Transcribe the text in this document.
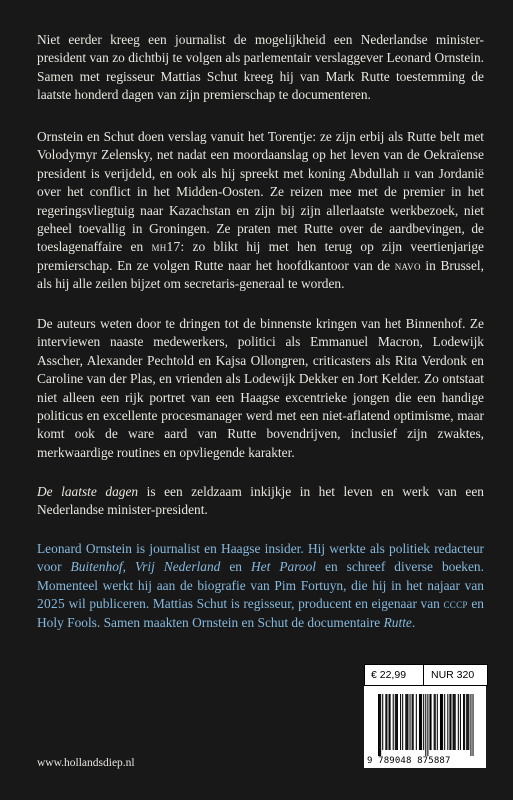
Niet eerder kreeg een journalist de mogelijkheid een Nederlandse minister-president van zo dichtbij te volgen als parlementair verslaggever Leonard Ornstein. Samen met regisseur Mattias Schut kreeg hij van Mark Rutte toestemming de laatste honderd dagen van zijn premierschap te documenteren.

Ornstein en Schut doen verslag vanuit het Torentje: ze zijn erbij als Rutte belt met Volodymyr Zelensky, net nadat een moordaanslag op het leven van de Oekraïense president is verijdeld, en ook als hij spreekt met koning Abdullah ii van Jordanië over het conflict in het Midden-Oosten. Ze reizen mee met de premier in het regeringsvliegtuig naar Kazachstan en zijn bij zijn allerlaatste werkbezoek, niet geheel toevallig in Groningen. Ze praten met Rutte over de aardbevingen, de toeslagenaffaire en mh17: zo blikt hij met hen terug op zijn veertienjarige premierschap. En ze volgen Rutte naar het hoofdkantoor van de navo in Brussel, als hij alle zeilen bijzet om secretaris-generaal te worden.

De auteurs weten door te dringen tot de binnenste kringen van het Binnenhof. Ze interviewen naaste medewerkers, politici als Emmanuel Macron, Lodewijk Asscher, Alexander Pechtold en Kajsa Ollongren, criticasters als Rita Verdonk en Caroline van der Plas, en vrienden als Lodewijk Dekker en Jort Kelder. Zo ontstaat niet alleen een rijk portret van een Haagse excentrieke jongen die een handige politicus en excellente procesmanager werd met een niet-aflatend optimisme, maar komt ook de ware aard van Rutte bovendrijven, inclusief zijn zwaktes, merkwaardige routines en opvliegende karakter.

De laatste dagen is een zeldzaam inkijkje in het leven en werk van een Nederlandse minister-president.

Leonard Ornstein is journalist en Haagse insider. Hij werkte als politiek redacteur voor Buitenhof, Vrij Nederland en Het Parool en schreef diverse boeken. Momenteel werkt hij aan de biografie van Pim Fortuyn, die hij in het najaar van 2025 wil publiceren. Mattias Schut is regisseur, producent en eigenaar van cccp en Holy Fools. Samen maakten Ornstein en Schut de documentaire Rutte.

€ 22,99	NUR 320
9 789048 875887
www.hollandsdiep.nl
